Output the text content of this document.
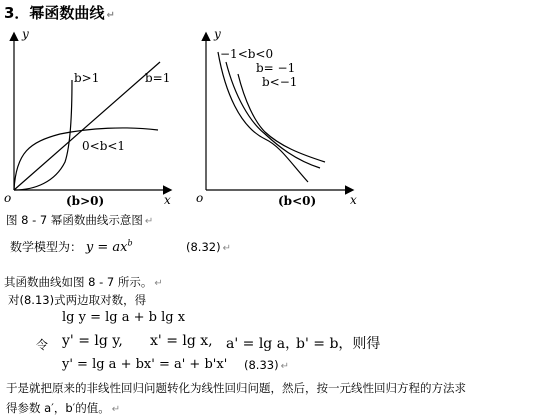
3．幂函数曲线 ↵
y
x
o
b>1	b=1
0<b<1
(b>0)
y
x
o
−1<b<0
b= −1
b<−1
(b<0)
图 8 - 7 幂函数曲线示意图 ↵
数学模型为： $y = ax^b$	(8.32) ↵
其函数曲线如图 8 - 7 所示。 ↵
对(8.13)式两边取对数，得
lg y = lg a + b lg x
令 y' = lg y, x' = lg x, a' = lg a，
b' = b，则得
y' = lg a + bx' = a' + b'x' (8.33) ↵
于是就把原来的非线性回归问题转化为线性回归问题，然后，按一元线性回归方程的方法求
得参数 a′，b′的值。 ↵
